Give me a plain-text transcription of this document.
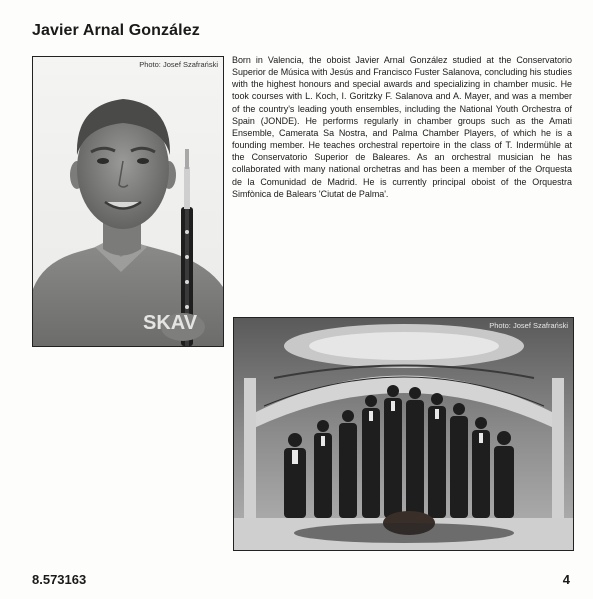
Javier Arnal González
SKAV
Photo: Josef Szafrański Born in Valencia, the oboist Javier Arnal González studied at the Conservatorio Superior de Música with Jesús and Francisco Fuster Salanova, concluding his studies with the highest honours and special awards and specializing in chamber music. He took courses with L. Koch, I. Goritzky F. Salanova and A. Mayer, and was a member of the country's leading youth ensembles, including the National Youth Orchestra of Spain (JONDE). He performs regularly in chamber groups such as the Amati Ensemble, Camerata Sa Nostra, and Palma Chamber Players, of which he is a founding member. He teaches orchestral repertoire in the class of T. Indermühle at the Conservatorio Superior de Baleares. As an orchestral musician he has collaborated with many national orchetras and has been a member of the Orquesta de la Comunidad de Madrid. He is currently principal oboist of the Orquestra Simfònica de Balears 'Ciutat de Palma'.

Photo: Josef Szafrański
8.573163	4
